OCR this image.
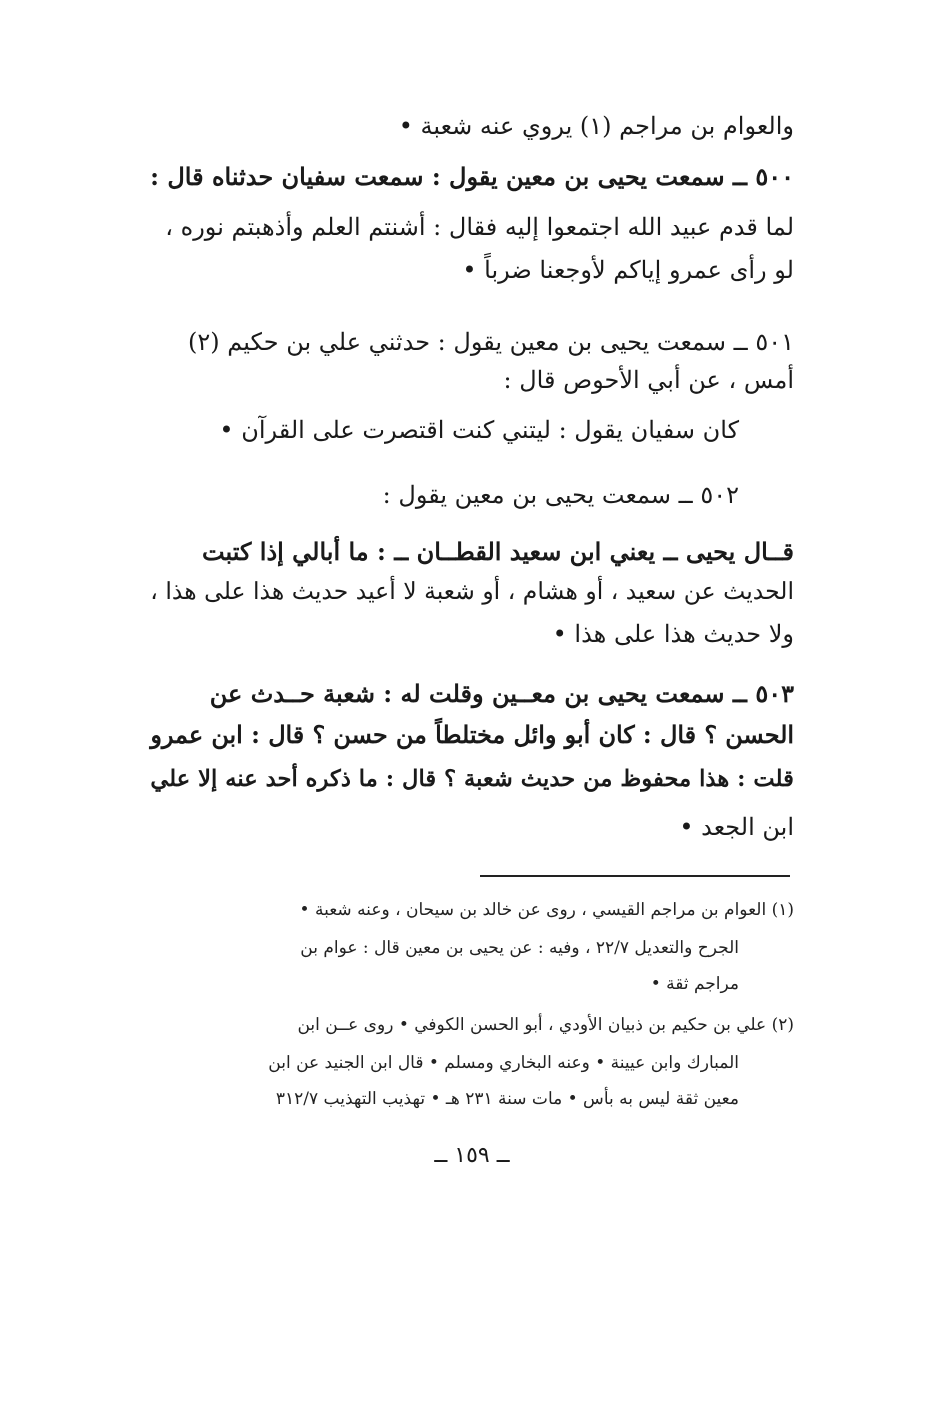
والعوام بن مراجم (١) يروي عنه شعبة •
٥٠٠ ــ سمعت يحيى بن معين يقول : سمعت سفيان حدثناه قال :
لما قدم عبيد الله اجتمعوا إليه فقال : أشنتم العلم وأذهبتم نوره ،
لو رأى عمرو إياكم لأوجعنا ضرباً •
٥٠١ ــ سمعت يحيى بن معين يقول : حدثني علي بن حكيم (٢)
أمس ، عن أبي الأحوص قال :
كان سفيان يقول : ليتني كنت اقتصرت على القرآن •
٥٠٢ ــ سمعت يحيى بن معين يقول :
قــال يحيى ــ يعني ابن سعيد القطــان ــ : ما أبالي إذا كتبت
الحديث عن سعيد ، أو هشام ، أو شعبة لا أعيد حديث هذا على هذا ،
ولا حديث هذا على هذا •
٥٠٣ ــ سمعت يحيى بن معــين وقلت له : شعبة حــدث عن
الحسن ؟ قال : كان أبو وائل مختلطاً من حسن ؟ قال : ابن عمرو
قلت : هذا محفوظ من حديث شعبة ؟ قال : ما ذكره أحد عنه إلا علي
ابن الجعد •
(١) العوام بن مراجم القيسي ، روى عن خالد بن سيحان ، وعنه شعبة •
الجرح والتعديل ٢٢/٧ ، وفيه : عن يحيى بن معين قال : عوام بن
مراجم ثقة •
(٢) علي بن حكيم بن ذبيان الأودي ، أبو الحسن الكوفي • روى عــن ابن
المبارك وابن عيينة • وعنه البخاري ومسلم • قال ابن الجنيد عن ابن
معين ثقة ليس به بأس • مات سنة ٢٣١ هـ • تهذيب التهذيب ٣١٢/٧
ــ ١٥٩ ــ
